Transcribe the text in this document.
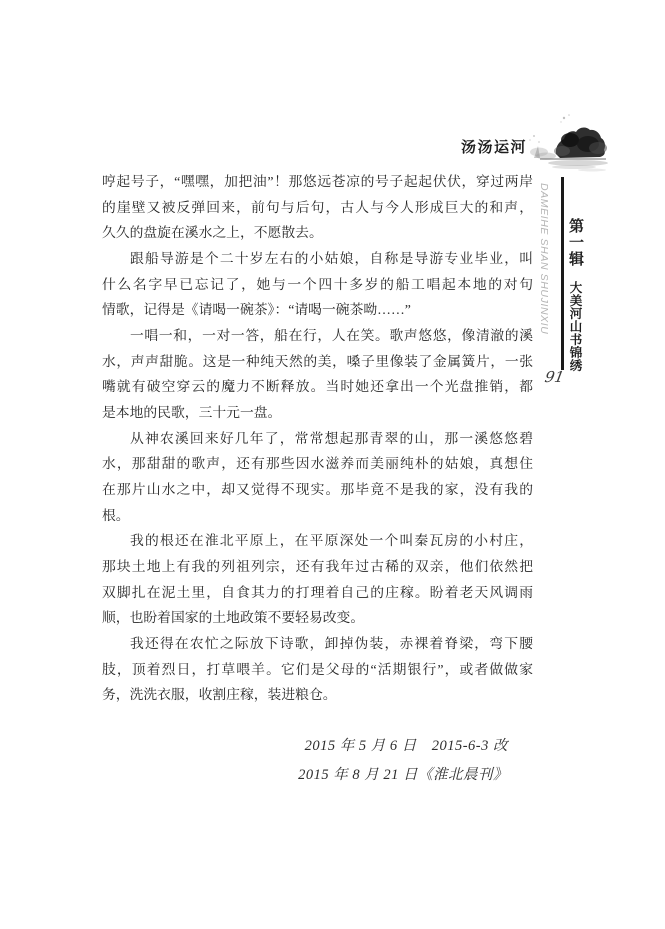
汤汤运河
DAMEIHE SHAN SHUJINXIU 第一辑大美河山书锦绣
91
哼起号子，“嘿嘿，加把油”！那悠远苍凉的号子起起伏伏，穿过两岸
的崖壁又被反弹回来，前句与后句，古人与今人形成巨大的和声，
久久的盘旋在溪水之上，不愿散去。
跟船导游是个二十岁左右的小姑娘，自称是导游专业毕业，叫
什么名字早已忘记了，她与一个四十多岁的船工唱起本地的对句
情歌，记得是《请喝一碗茶》：“请喝一碗茶呦……”
一唱一和，一对一答，船在行，人在笑。歌声悠悠，像清澈的溪
水，声声甜脆。这是一种纯天然的美，嗓子里像装了金属簧片，一张
嘴就有破空穿云的魔力不断释放。当时她还拿出一个光盘推销，都
是本地的民歌，三十元一盘。
从神农溪回来好几年了，常常想起那青翠的山，那一溪悠悠碧
水，那甜甜的歌声，还有那些因水滋养而美丽纯朴的姑娘，真想住
在那片山水之中，却又觉得不现实。那毕竟不是我的家，没有我的
根。
我的根还在淮北平原上，在平原深处一个叫秦瓦房的小村庄，
那块土地上有我的列祖列宗，还有我年过古稀的双亲，他们依然把
双脚扎在泥土里，自食其力的打理着自己的庄稼。盼着老天风调雨
顺，也盼着国家的土地政策不要轻易改变。
我还得在农忙之际放下诗歌，卸掉伪装，赤裸着脊梁，弯下腰
肢，顶着烈日，打草喂羊。它们是父母的“活期银行”，或者做做家
务，洗洗衣服，收割庄稼，装进粮仓。
2015 年 5 月 6 日　2015-6-3 改
2015 年 8 月 21 日《淮北晨刊》
